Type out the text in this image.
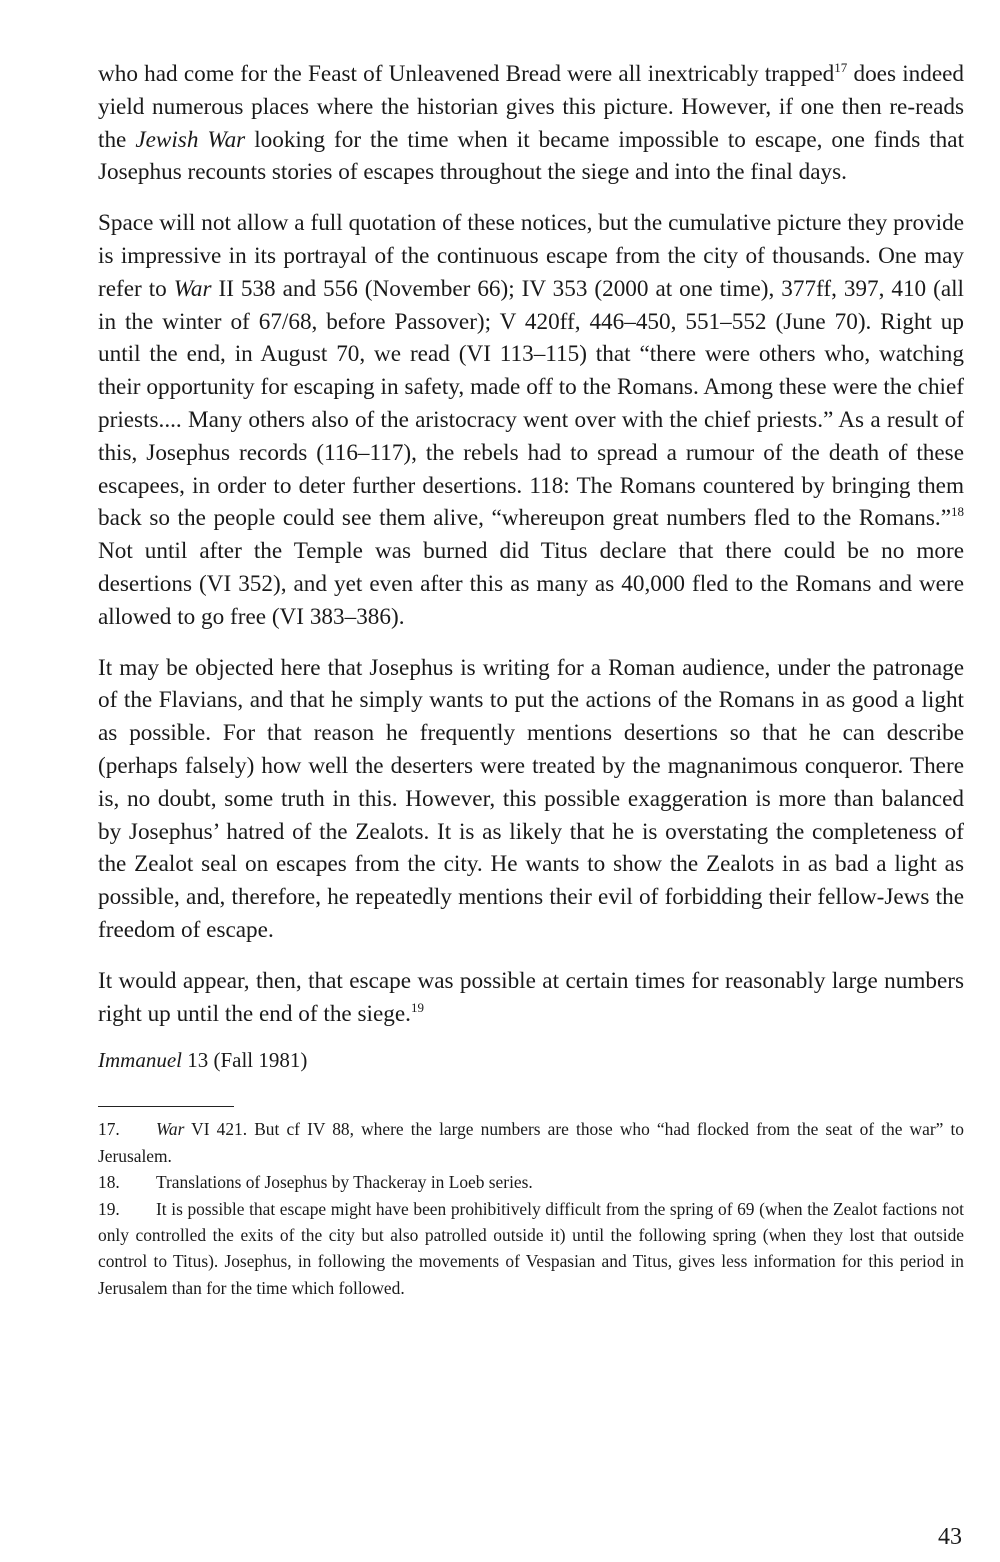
who had come for the Feast of Unleavened Bread were all inextricably trapped$^{17}$ does indeed yield numerous places where the historian gives this picture. However, if one then re-reads the Jewish War looking for the time when it became impossible to escape, one finds that Josephus recounts stories of escapes throughout the siege and into the final days.

Space will not allow a full quotation of these notices, but the cumulative picture they provide is impressive in its portrayal of the continuous escape from the city of thousands. One may refer to War II 538 and 556 (November 66); IV 353 (2000 at one time), 377ff, 397, 410 (all in the winter of 67/68, before Passover); V 420ff, 446–450, 551–552 (June 70). Right up until the end, in August 70, we read (VI 113–115) that “there were others who, watching their opportunity for escaping in safety, made off to the Romans. Among these were the chief priests.... Many others also of the aristocracy went over with the chief priests.” As a result of this, Josephus records (116–117), the rebels had to spread a rumour of the death of these escapees, in order to deter further desertions. 118: The Romans countered by bringing them back so the people could see them alive, “whereupon great numbers fled to the Romans.”$^{18}$ Not until after the Temple was burned did Titus declare that there could be no more desertions (VI 352), and yet even after this as many as 40,000 fled to the Romans and were allowed to go free (VI 383–386).

It may be objected here that Josephus is writing for a Roman audience, under the patronage of the Flavians, and that he simply wants to put the actions of the Romans in as good a light as possible. For that reason he frequently mentions desertions so that he can describe (perhaps falsely) how well the deserters were treated by the magnanimous conqueror. There is, no doubt, some truth in this. However, this possible exaggeration is more than balanced by Josephus’ hatred of the Zealots. It is as likely that he is overstating the completeness of the Zealot seal on escapes from the city. He wants to show the Zealots in as bad a light as possible, and, therefore, he repeatedly mentions their evil of forbidding their fellow-Jews the freedom of escape.

It would appear, then, that escape was possible at certain times for reasonably large numbers right up until the end of the siege.$^{19}$

Immanuel 13 (Fall 1981)

17. War VI 421. But cf IV 88, where the large numbers are those who “had flocked from the seat of the war” to Jerusalem.

18. Translations of Josephus by Thackeray in Loeb series.

19. It is possible that escape might have been prohibitively difficult from the spring of 69 (when the Zealot factions not only controlled the exits of the city but also patrolled outside it) until the following spring (when they lost that outside control to Titus). Josephus, in following the movements of Vespasian and Titus, gives less information for this period in Jerusalem than for the time which followed.

43
